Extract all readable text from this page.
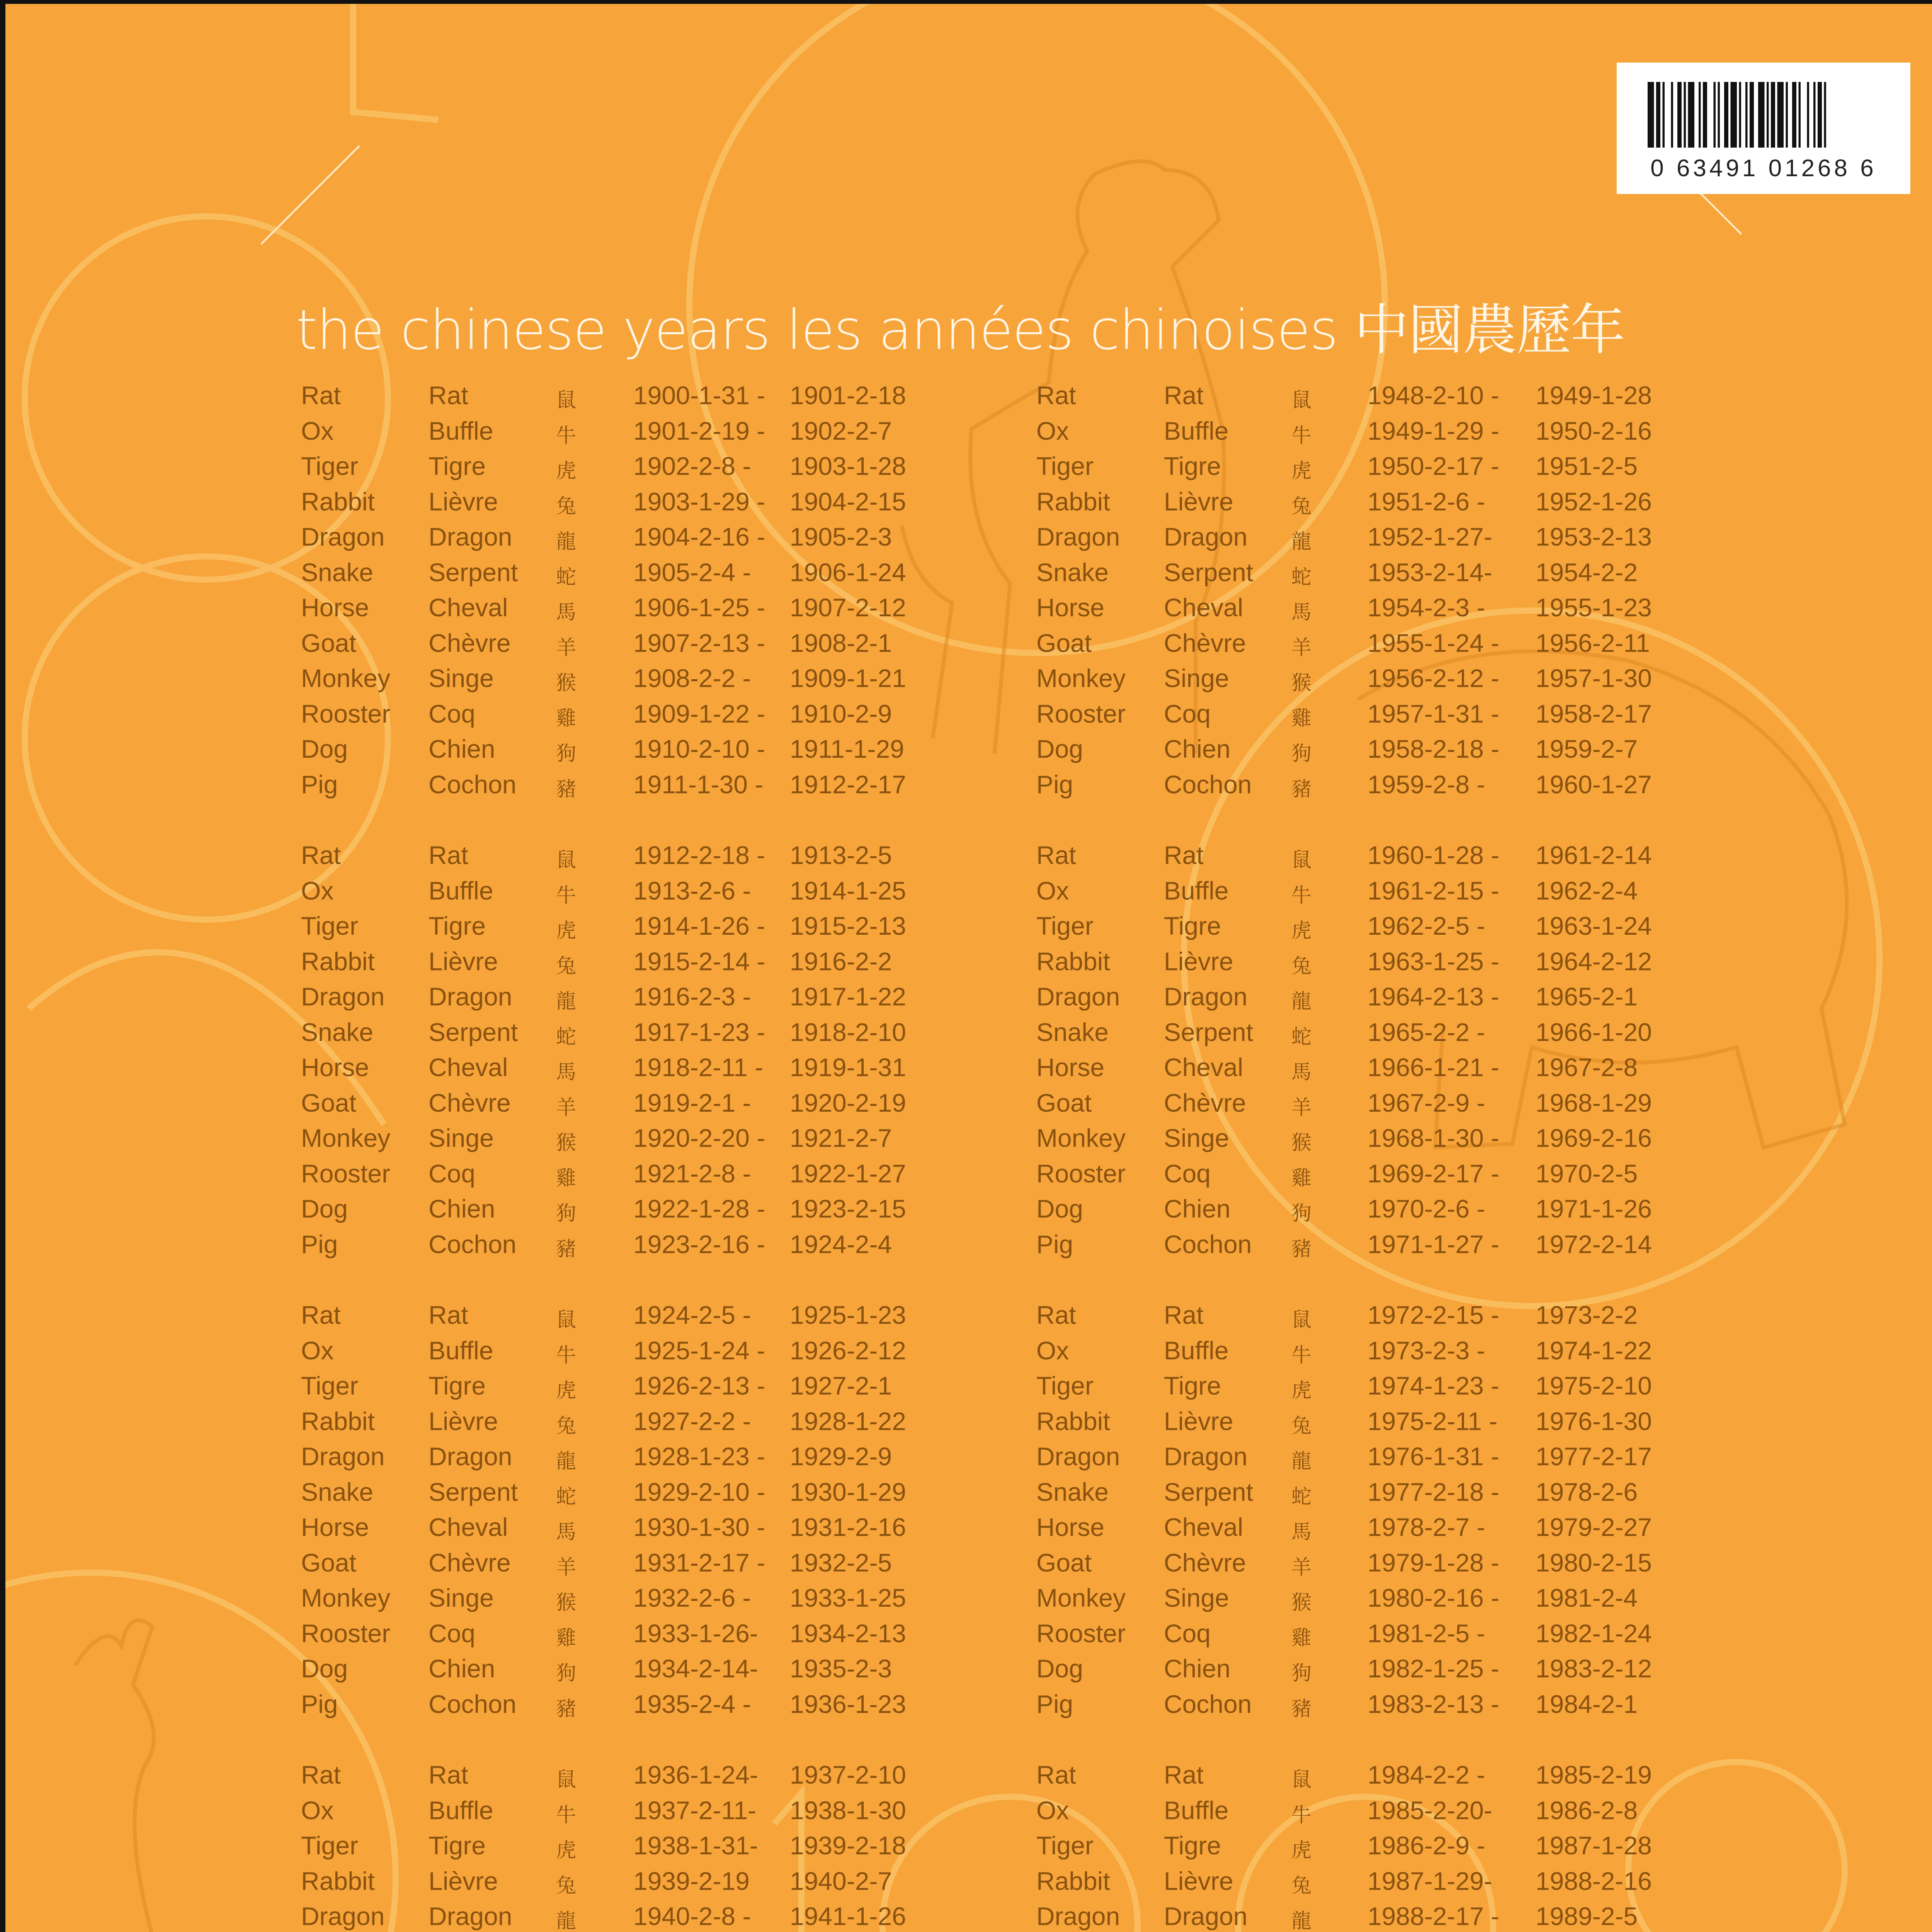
0 63491 01268 6
the chinese years les années chinoises 中國農歷年
Rat	Rat	鼠 1900-1-31 - 1901-2-18
Ox	Buffle	牛 1901-2-19 - 1902-2-7
Tiger	Tigre	虎 1902-2-8 - 1903-1-28
Rabbit Lièvre	兔 1903-1-29 - 1904-2-15
Dragon Dragon 龍 1904-2-16 - 1905-2-3
Snake Serpent 蛇 1905-2-4 - 1906-1-24
Horse Cheval 馬 1906-1-25 - 1907-2-12
Goat	Chèvre 羊 1907-2-13 - 1908-2-1
Monkey Singe	猴 1908-2-2 - 1909-1-21
Rooster Coq	雞 1909-1-22 - 1910-2-9
Dog	Chien	狗 1910-2-10 - 1911-1-29
Pig	Cochon 豬 1911-1-30 - 1912-2-17
Rat	Rat	鼠 1912-2-18 - 1913-2-5
Ox	Buffle	牛 1913-2-6 - 1914-1-25
Tiger	Tigre	虎 1914-1-26 - 1915-2-13
Rabbit Lièvre	兔 1915-2-14 - 1916-2-2
Dragon Dragon 龍 1916-2-3 - 1917-1-22
Snake Serpent 蛇 1917-1-23 - 1918-2-10
Horse Cheval 馬 1918-2-11 - 1919-1-31
Goat	Chèvre 羊 1919-2-1 - 1920-2-19
Monkey Singe	猴 1920-2-20 - 1921-2-7
Rooster Coq	雞 1921-2-8 - 1922-1-27
Dog	Chien	狗 1922-1-28 - 1923-2-15
Pig	Cochon 豬 1923-2-16 - 1924-2-4
Rat	Rat	鼠 1924-2-5 - 1925-1-23
Ox	Buffle	牛 1925-1-24 - 1926-2-12
Tiger	Tigre	虎 1926-2-13 - 1927-2-1
Rabbit Lièvre	兔 1927-2-2 - 1928-1-22
Dragon Dragon 龍 1928-1-23 - 1929-2-9
Snake Serpent 蛇 1929-2-10 - 1930-1-29
Horse Cheval 馬 1930-1-30 - 1931-2-16
Goat	Chèvre 羊 1931-2-17 - 1932-2-5
Monkey Singe	猴 1932-2-6 - 1933-1-25
Rooster Coq	雞 1933-1-26- 1934-2-13
Dog	Chien	狗 1934-2-14- 1935-2-3
Pig	Cochon 豬 1935-2-4 - 1936-1-23
Rat	Rat	鼠 1936-1-24- 1937-2-10
Ox	Buffle	牛 1937-2-11- 1938-1-30
Tiger	Tigre	虎 1938-1-31- 1939-2-18
Rabbit Lièvre	兔 1939-2-19 1940-2-7
Dragon Dragon 龍 1940-2-8 - 1941-1-26
Rat	Rat	鼠 1948-2-10 - 1949-1-28
Ox	Buffle	牛 1949-1-29 - 1950-2-16
Tiger	Tigre	虎 1950-2-17 - 1951-2-5
Rabbit Lièvre	兔 1951-2-6 - 1952-1-26
Dragon Dragon 龍 1952-1-27- 1953-2-13
Snake Serpent 蛇 1953-2-14- 1954-2-2
Horse Cheval 馬 1954-2-3 - 1955-1-23
Goat	Chèvre 羊 1955-1-24 - 1956-2-11
Monkey Singe	猴 1956-2-12 - 1957-1-30
Rooster Coq	雞 1957-1-31 - 1958-2-17
Dog	Chien	狗 1958-2-18 - 1959-2-7
Pig	Cochon 豬 1959-2-8 - 1960-1-27
Rat	Rat	鼠 1960-1-28 - 1961-2-14
Ox	Buffle	牛 1961-2-15 - 1962-2-4
Tiger	Tigre	虎 1962-2-5 - 1963-1-24
Rabbit Lièvre	兔 1963-1-25 - 1964-2-12
Dragon Dragon 龍 1964-2-13 - 1965-2-1
Snake Serpent 蛇 1965-2-2 - 1966-1-20
Horse Cheval 馬 1966-1-21 - 1967-2-8
Goat	Chèvre 羊 1967-2-9 - 1968-1-29
Monkey Singe	猴 1968-1-30 - 1969-2-16
Rooster Coq	雞 1969-2-17 - 1970-2-5
Dog	Chien	狗 1970-2-6 - 1971-1-26
Pig	Cochon 豬 1971-1-27 - 1972-2-14
Rat	Rat	鼠 1972-2-15 - 1973-2-2
Ox	Buffle	牛 1973-2-3 - 1974-1-22
Tiger	Tigre	虎 1974-1-23 - 1975-2-10
Rabbit Lièvre	兔 1975-2-11 - 1976-1-30
Dragon Dragon 龍 1976-1-31 - 1977-2-17
Snake Serpent 蛇 1977-2-18 - 1978-2-6
Horse Cheval 馬 1978-2-7 - 1979-2-27
Goat	Chèvre 羊 1979-1-28 - 1980-2-15
Monkey Singe	猴 1980-2-16 - 1981-2-4
Rooster Coq	雞 1981-2-5 - 1982-1-24
Dog	Chien	狗 1982-1-25 - 1983-2-12
Pig	Cochon 豬 1983-2-13 - 1984-2-1
Rat	Rat	鼠 1984-2-2 - 1985-2-19
Ox	Buffle	牛 1985-2-20- 1986-2-8
Tiger	Tigre	虎 1986-2-9 - 1987-1-28
Rabbit Lièvre	兔 1987-1-29- 1988-2-16
Dragon Dragon 龍 1988-2-17 - 1989-2-5
